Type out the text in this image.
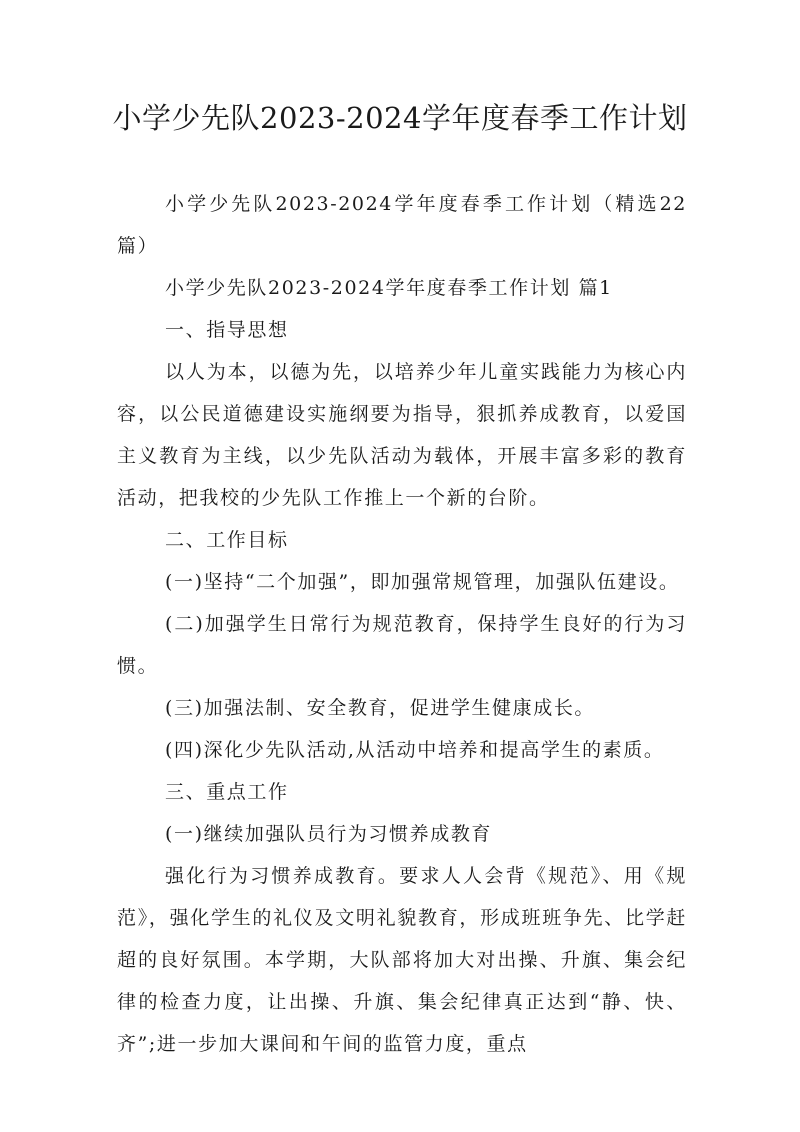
小学少先队2023-2024学年度春季工作计划

小学少先队2023-2024学年度春季工作计划（精选22篇）

小学少先队2023-2024学年度春季工作计划 篇1

一、指导思想

以人为本，以德为先，以培养少年儿童实践能力为核心内容，以公民道德建设实施纲要为指导，狠抓养成教育，以爱国主义教育为主线，以少先队活动为载体，开展丰富多彩的教育活动，把我校的少先队工作推上一个新的台阶。

二、工作目标

(一)坚持“二个加强”，即加强常规管理，加强队伍建设。

(二)加强学生日常行为规范教育，保持学生良好的行为习惯。

(三)加强法制、安全教育，促进学生健康成长。

(四)深化少先队活动,从活动中培养和提高学生的素质。

三、重点工作

(一)继续加强队员行为习惯养成教育

强化行为习惯养成教育。要求人人会背《规范》、用《规范》，强化学生的礼仪及文明礼貌教育，形成班班争先、比学赶超的良好氛围。本学期，大队部将加大对出操、升旗、集会纪律的检查力度，让出操、升旗、集会纪律真正达到“静、快、齐”;进一步加大课间和午间的监管力度，重点
